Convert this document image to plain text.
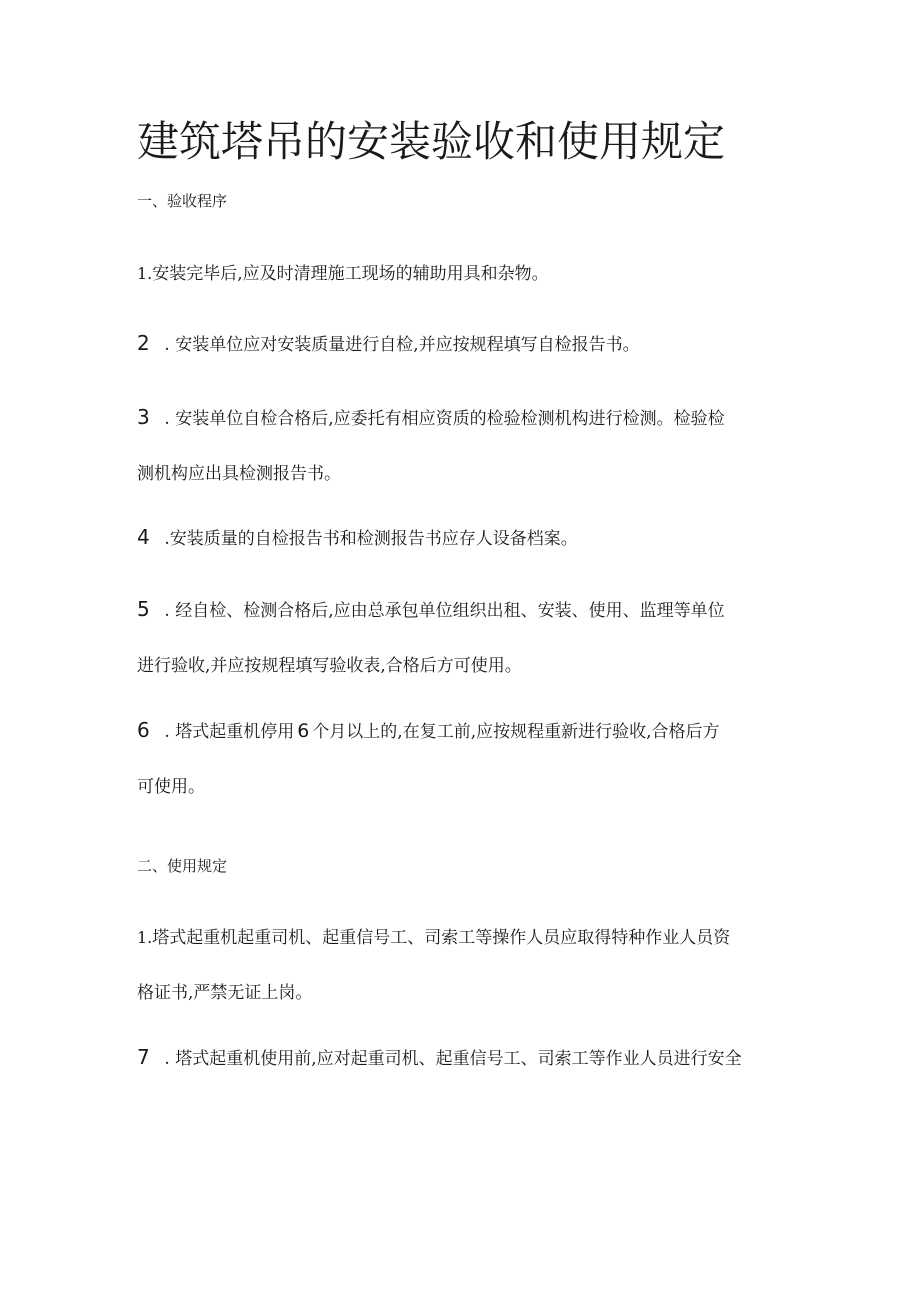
建筑塔吊的安装验收和使用规定
一、验收程序
1.安装完毕后,应及时清理施工现场的辅助用具和杂物。
2 . 安装单位应对安装质量进行自检,并应按规程填写自检报告书。
3 . 安装单位自检合格后,应委托有相应资质的检验检测机构进行检测。检验检
测机构应出具检测报告书。
4 .安装质量的自检报告书和检测报告书应存人设备档案。
5 . 经自检、检测合格后,应由总承包单位组织出租、安装、使用、监理等单位
进行验收,并应按规程填写验收表,合格后方可使用。
6 . 塔式起重机停用 6 个月以上的,在复工前,应按规程重新进行验收,合格后方
可使用。
二、使用规定
1.塔式起重机起重司机、起重信号工、司索工等操作人员应取得特种作业人员资
格证书,严禁无证上岗。
7 . 塔式起重机使用前,应对起重司机、起重信号工、司索工等作业人员进行安全
